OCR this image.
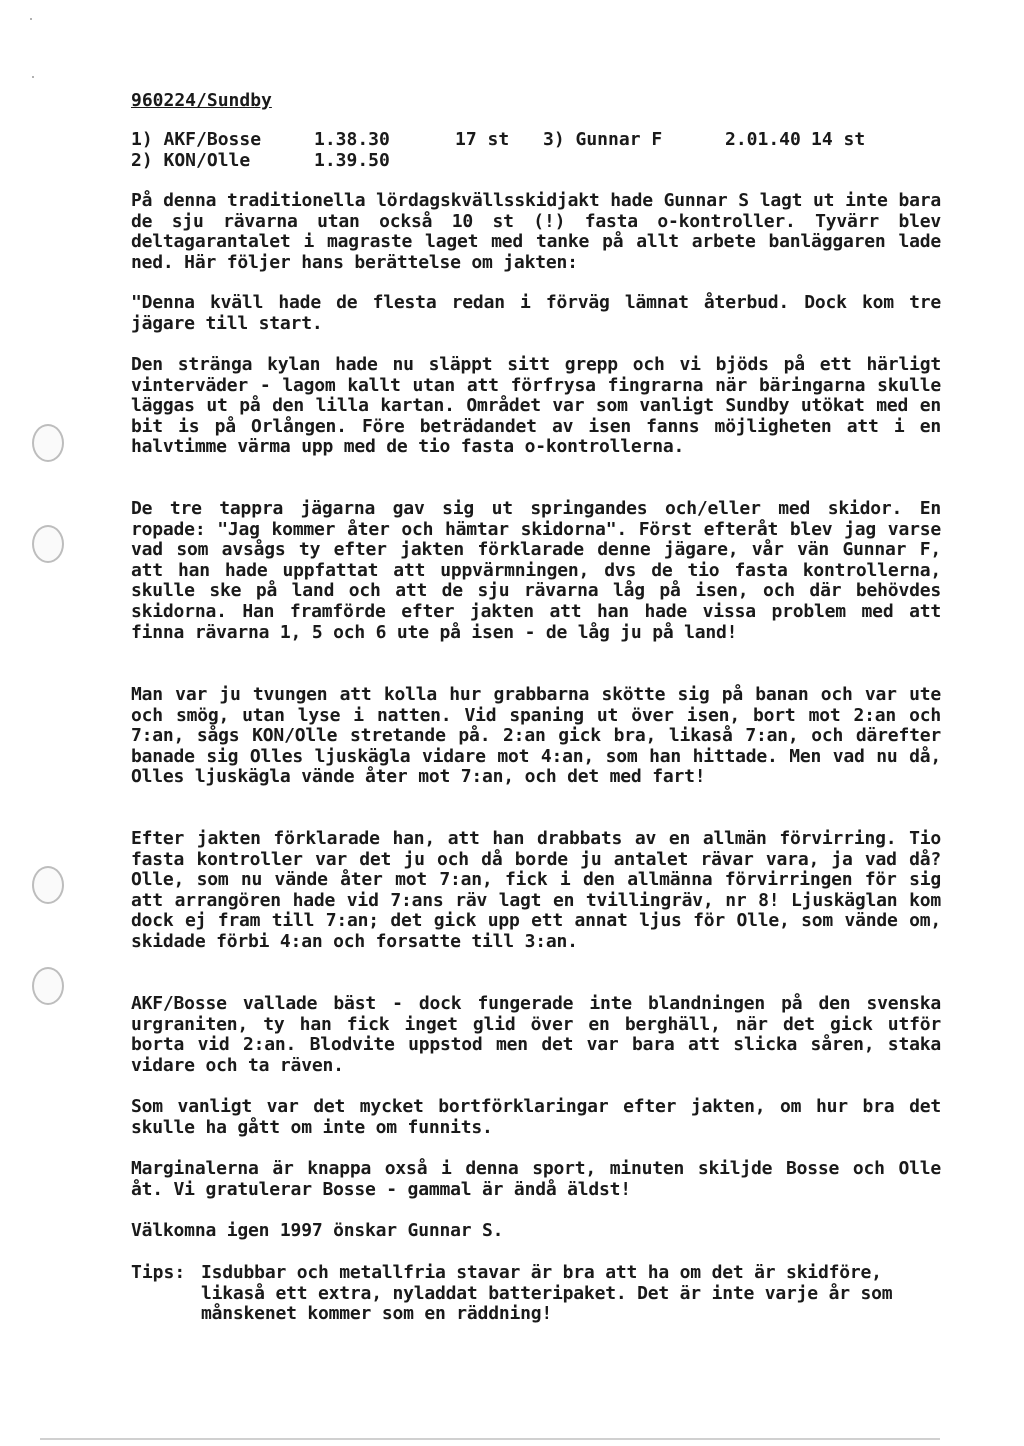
960224/Sundby
1) AKF/Bosse	1.38.30	17 st 3) Gunnar F	2.01.40 14 st
2) KON/Olle	1.39.50
På denna traditionella lördagskvällsskidjakt hade Gunnar S lagt ut inte bara de sju rävarna utan också 10 st (!) fasta o-kontroller. Tyvärr blev deltagarantalet i magraste laget med tanke på allt arbete banläggaren lade ned. Här följer hans berättelse om jakten:
"Denna kväll hade de flesta redan i förväg lämnat återbud. Dock kom tre jägare till start.
Den stränga kylan hade nu släppt sitt grepp och vi bjöds på ett härligt vinterväder - lagom kallt utan att förfrysa fingrarna när bäringarna skulle läggas ut på den lilla kartan. Området var som vanligt Sundby utökat med en bit is på Orlången. Före beträdandet av isen fanns möjligheten att i en halvtimme värma upp med de tio fasta o-kontrollerna.
De tre tappra jägarna gav sig ut springandes och/eller med skidor. En ropade: "Jag kommer åter och hämtar skidorna". Först efteråt blev jag varse vad som avsågs ty efter jakten förklarade denne jägare, vår vän Gunnar F, att han hade uppfattat att uppvärmningen, dvs de tio fasta kontrollerna, skulle ske på land och att de sju rävarna låg på isen, och där behövdes skidorna. Han framförde efter jakten att han hade vissa problem med att finna rävarna 1, 5 och 6 ute på isen - de låg ju på land!
Man var ju tvungen att kolla hur grabbarna skötte sig på banan och var ute och smög, utan lyse i natten. Vid spaning ut över isen, bort mot 2:an och 7:an, sågs KON/Olle stretande på. 2:an gick bra, likaså 7:an, och därefter banade sig Olles ljuskägla vidare mot 4:an, som han hittade. Men vad nu då, Olles ljuskägla vände åter mot 7:an, och det med fart!
Efter jakten förklarade han, att han drabbats av en allmän förvirring. Tio fasta kontroller var det ju och då borde ju antalet rävar vara, ja vad då? Olle, som nu vände åter mot 7:an, fick i den allmänna förvirringen för sig att arrangören hade vid 7:ans räv lagt en tvillingräv, nr 8! Ljuskäglan kom dock ej fram till 7:an; det gick upp ett annat ljus för Olle, som vände om, skidade förbi 4:an och forsatte till 3:an.
AKF/Bosse vallade bäst - dock fungerade inte blandningen på den svenska urgraniten, ty han fick inget glid över en berghäll, när det gick utför borta vid 2:an. Blodvite uppstod men det var bara att slicka såren, staka vidare och ta räven.
Som vanligt var det mycket bortförklaringar efter jakten, om hur bra det skulle ha gått om inte om funnits.
Marginalerna är knappa oxså i denna sport, minuten skiljde Bosse och Olle åt. Vi gratulerar Bosse - gammal är ändå äldst!
Välkomna igen 1997 önskar Gunnar S.
Tips: Isdubbar och metallfria stavar är bra att ha om det är skidföre, likaså ett extra, nyladdat batteripaket. Det är inte varje år som månskenet kommer som en räddning!
